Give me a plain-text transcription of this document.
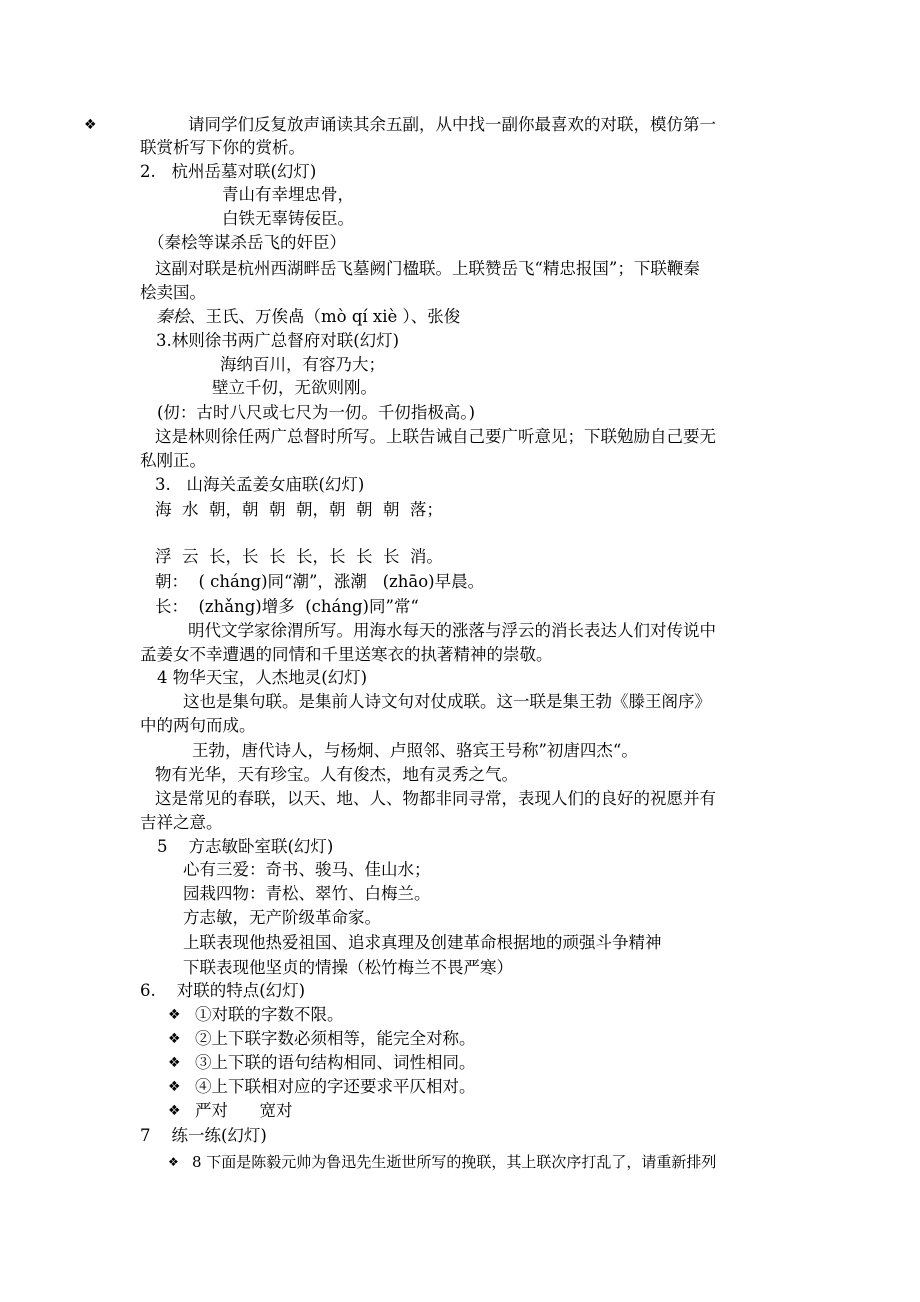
❖	请同学们反复放声诵读其余五副，从中找一副你最喜欢的对联，模仿第一
联赏析写下你的赏析。
2.   杭州岳墓对联(幻灯)
青山有幸埋忠骨，
白铁无辜铸佞臣。
（秦桧等谋杀岳飞的奸臣）
这副对联是杭州西湖畔岳飞墓阙门楹联。上联赞岳飞“精忠报国”；下联鞭秦
桧卖国。
秦桧、王氏、万俟卨（mò qí xiè ）、张俊
3.林则徐书两广总督府对联(幻灯)
海纳百川，有容乃大；
壁立千仞，无欲则刚。
(仞：古时八尺或七尺为一仞。千仞指极高。)
这是林则徐任两广总督时所写。上联告诫自己要广听意见；下联勉励自己要无
私刚正。
3.   山海关孟姜女庙联(幻灯)
海  水  朝，朝  朝  朝，朝  朝  朝  落；
浮  云  长，长  长  长，长  长  长  消。
朝：  ( cháng)同“潮”，涨潮   (zhāo)早晨。
长：  (zhǎng)增多  (cháng)同”常“
明代文学家徐渭所写。用海水每天的涨落与浮云的消长表达人们对传说中
孟姜女不幸遭遇的同情和千里送寒衣的执著精神的崇敬。
4 物华天宝，人杰地灵(幻灯)
这也是集句联。是集前人诗文句对仗成联。这一联是集王勃《滕王阁序》
中的两句而成。
王勃，唐代诗人，与杨炯、卢照邻、骆宾王号称”初唐四杰“。
物有光华，天有珍宝。人有俊杰，地有灵秀之气。
这是常见的春联，以天、地、人、物都非同寻常，表现人们的良好的祝愿并有
吉祥之意。
5    方志敏卧室联(幻灯)
心有三爱：奇书、骏马、佳山水；
园栽四物：青松、翠竹、白梅兰。
方志敏，无产阶级革命家。
上联表现他热爱祖国、追求真理及创建革命根据地的顽强斗争精神
下联表现他坚贞的情操（松竹梅兰不畏严寒）
6.    对联的特点(幻灯)
❖ ①对联的字数不限。
❖ ②上下联字数必须相等，能完全对称。
❖ ③上下联的语句结构相同、词性相同。
❖ ④上下联相对应的字还要求平仄相对。
❖ 严对      宽对
7    练一练(幻灯)
❖ 8 下面是陈毅元帅为鲁迅先生逝世所写的挽联，其上联次序打乱了，请重新排列
